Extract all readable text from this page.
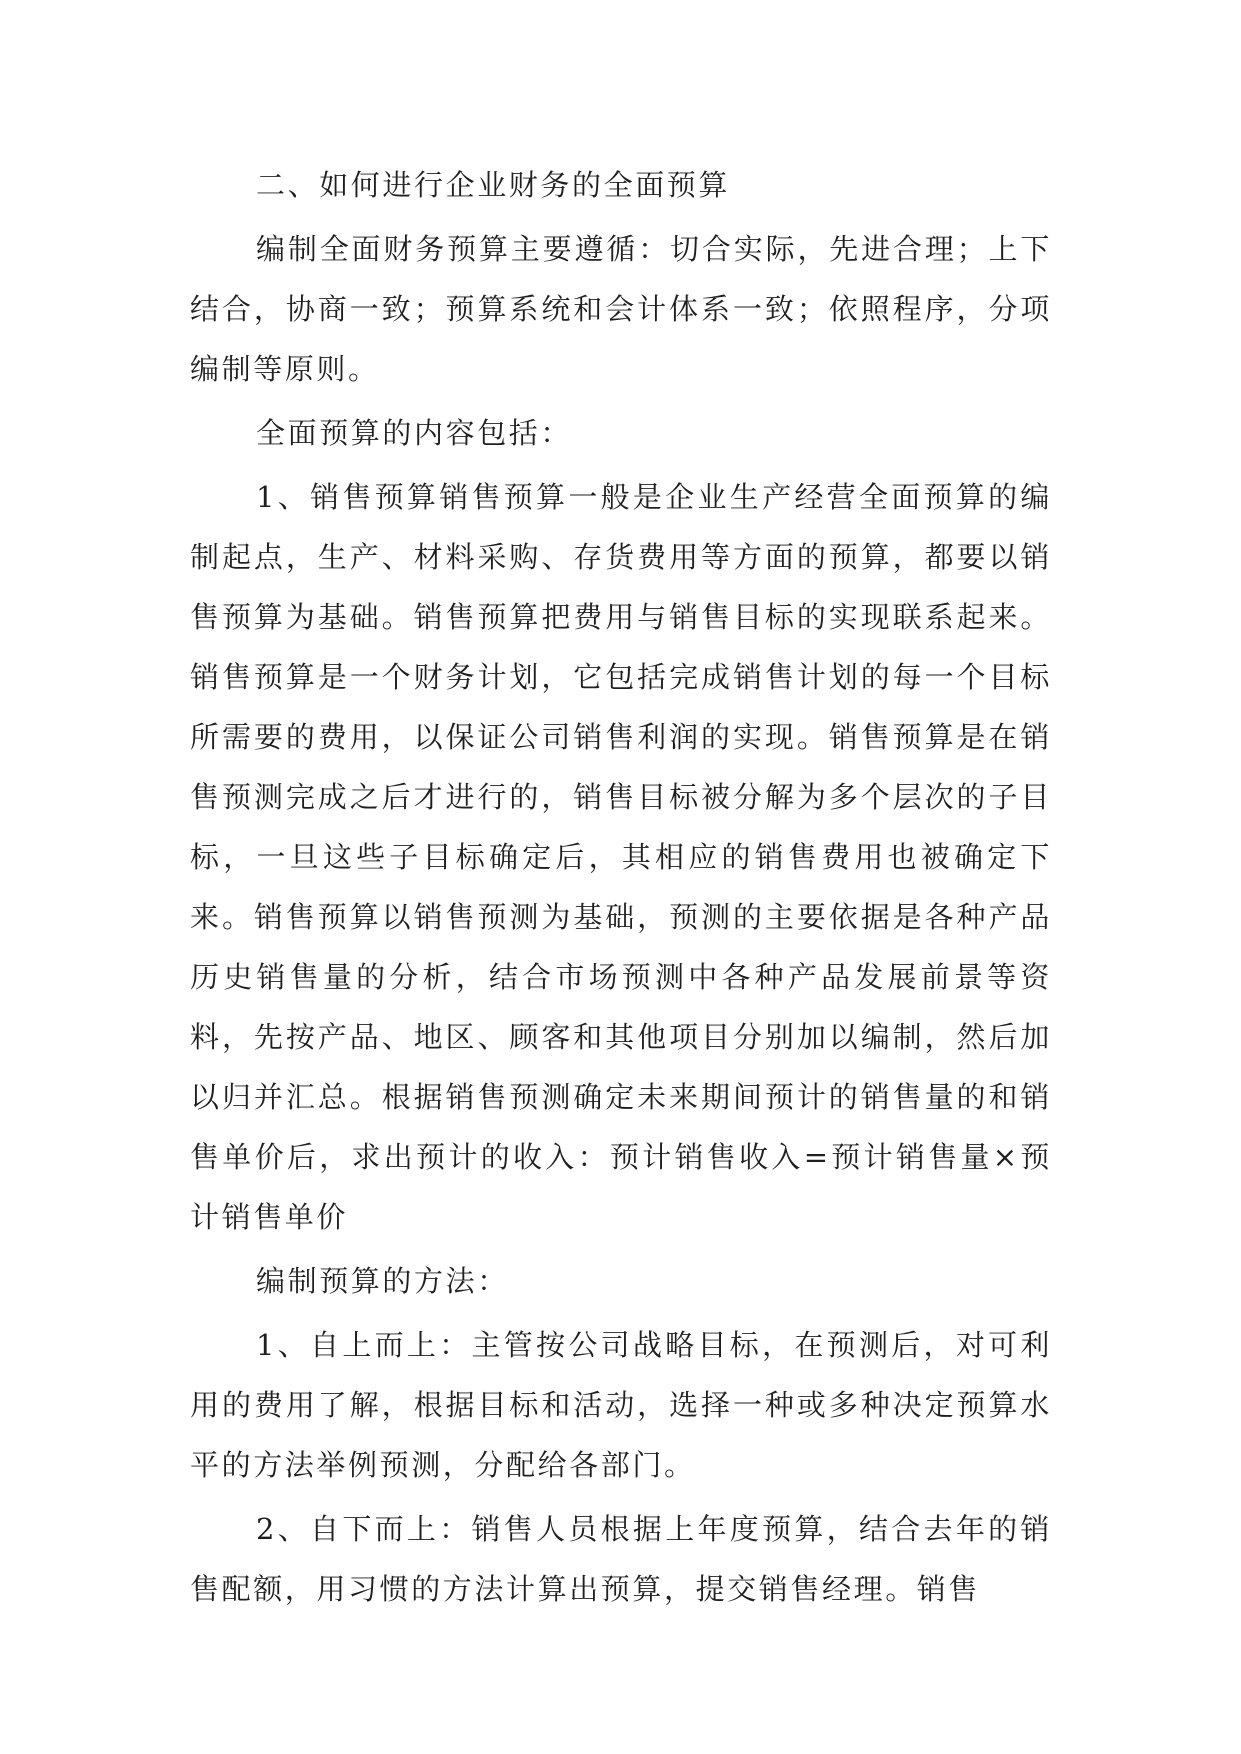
二、如何进行企业财务的全面预算

编制全面财务预算主要遵循：切合实际，先进合理；上下结合，协商一致；预算系统和会计体系一致；依照程序，分项编制等原则。

全面预算的内容包括：

1、销售预算销售预算一般是企业生产经营全面预算的编制起点，生产、材料采购、存货费用等方面的预算，都要以销售预算为基础。销售预算把费用与销售目标的实现联系起来。销售预算是一个财务计划，它包括完成销售计划的每一个目标所需要的费用，以保证公司销售利润的实现。销售预算是在销售预测完成之后才进行的，销售目标被分解为多个层次的子目标，一旦这些子目标确定后，其相应的销售费用也被确定下来。销售预算以销售预测为基础，预测的主要依据是各种产品历史销售量的分析，结合市场预测中各种产品发展前景等资料，先按产品、地区、顾客和其他项目分别加以编制，然后加以归并汇总。根据销售预测确定未来期间预计的销售量的和销售单价后，求出预计的收入：预计销售收入=预计销售量×预计销售单价

编制预算的方法：

1、自上而上：主管按公司战略目标，在预测后，对可利用的费用了解，根据目标和活动，选择一种或多种决定预算水平的方法举例预测，分配给各部门。

2、自下而上：销售人员根据上年度预算，结合去年的销售配额，用习惯的方法计算出预算，提交销售经理。销售
